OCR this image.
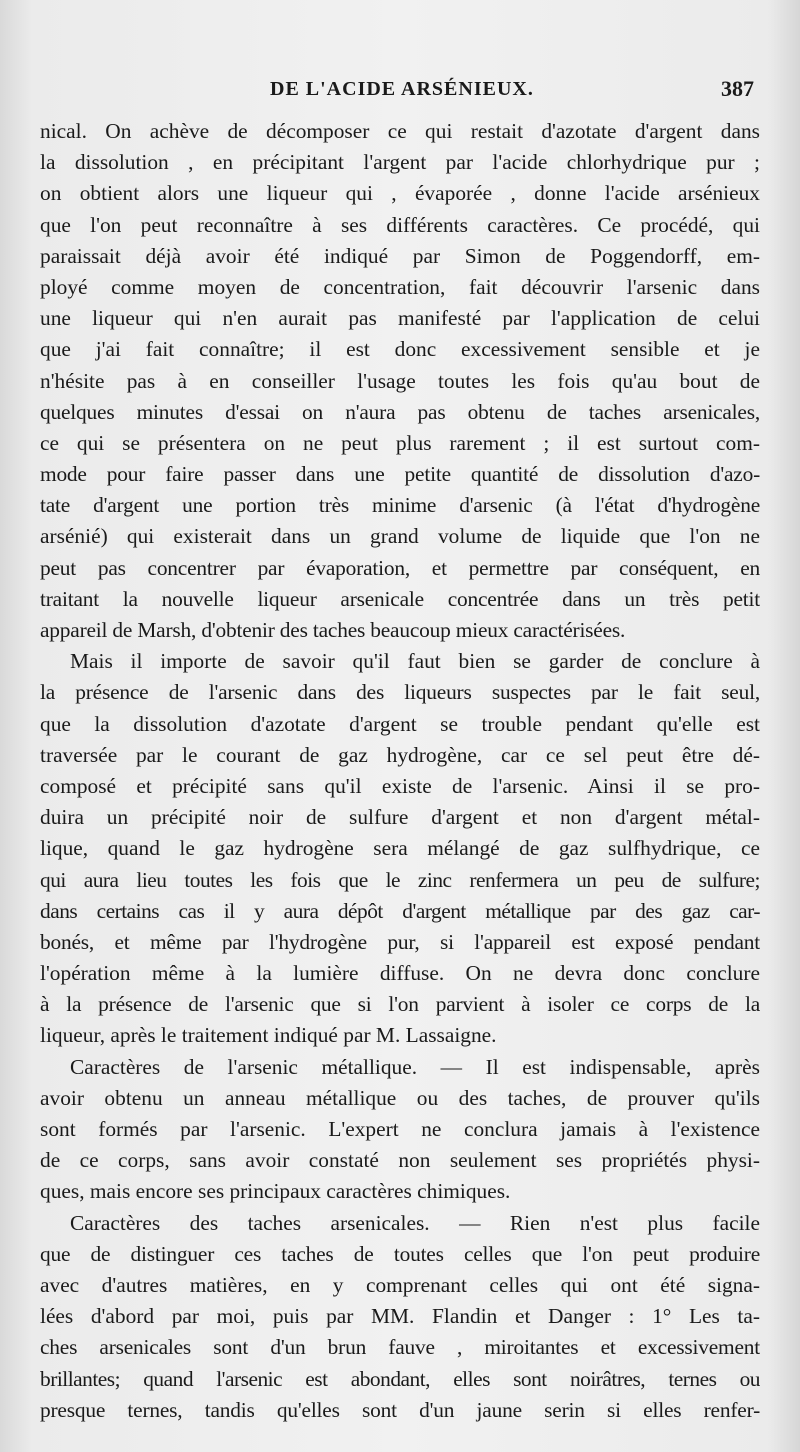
DE L'ACIDE ARSÉNIEUX.	387
nical. On achève de décomposer ce qui restait d'azotate d'argent dans
la dissolution , en précipitant l'argent par l'acide chlorhydrique pur ;
on obtient alors une liqueur qui , évaporée , donne l'acide arsénieux
que l'on peut reconnaître à ses différents caractères. Ce procédé, qui
paraissait déjà avoir été indiqué par Simon de Poggendorff, em-
ployé comme moyen de concentration, fait découvrir l'arsenic dans
une liqueur qui n'en aurait pas manifesté par l'application de celui
que j'ai fait connaître; il est donc excessivement sensible et je
n'hésite pas à en conseiller l'usage toutes les fois qu'au bout de
quelques minutes d'essai on n'aura pas obtenu de taches arsenicales,
ce qui se présentera on ne peut plus rarement ; il est surtout com-
mode pour faire passer dans une petite quantité de dissolution d'azo-
tate d'argent une portion très minime d'arsenic (à l'état d'hydrogène
arsénié) qui existerait dans un grand volume de liquide que l'on ne
peut pas concentrer par évaporation, et permettre par conséquent, en
traitant la nouvelle liqueur arsenicale concentrée dans un très petit
appareil de Marsh, d'obtenir des taches beaucoup mieux caractérisées.
Mais il importe de savoir qu'il faut bien se garder de conclure à
la présence de l'arsenic dans des liqueurs suspectes par le fait seul,
que la dissolution d'azotate d'argent se trouble pendant qu'elle est
traversée par le courant de gaz hydrogène, car ce sel peut être dé-
composé et précipité sans qu'il existe de l'arsenic. Ainsi il se pro-
duira un précipité noir de sulfure d'argent et non d'argent métal-
lique, quand le gaz hydrogène sera mélangé de gaz sulfhydrique, ce
qui aura lieu toutes les fois que le zinc renfermera un peu de sulfure;
dans certains cas il y aura dépôt d'argent métallique par des gaz car-
bonés, et même par l'hydrogène pur, si l'appareil est exposé pendant
l'opération même à la lumière diffuse. On ne devra donc conclure
à la présence de l'arsenic que si l'on parvient à isoler ce corps de la
liqueur, après le traitement indiqué par M. Lassaigne.
Caractères de l'arsenic métallique. — Il est indispensable, après
avoir obtenu un anneau métallique ou des taches, de prouver qu'ils
sont formés par l'arsenic. L'expert ne conclura jamais à l'existence
de ce corps, sans avoir constaté non seulement ses propriétés physi-
ques, mais encore ses principaux caractères chimiques.
Caractères des taches arsenicales. — Rien n'est plus facile
que de distinguer ces taches de toutes celles que l'on peut produire
avec d'autres matières, en y comprenant celles qui ont été signa-
lées d'abord par moi, puis par MM. Flandin et Danger : 1° Les ta-
ches arsenicales sont d'un brun fauve , miroitantes et excessivement
brillantes; quand l'arsenic est abondant, elles sont noirâtres, ternes ou
presque ternes, tandis qu'elles sont d'un jaune serin si elles renfer-
